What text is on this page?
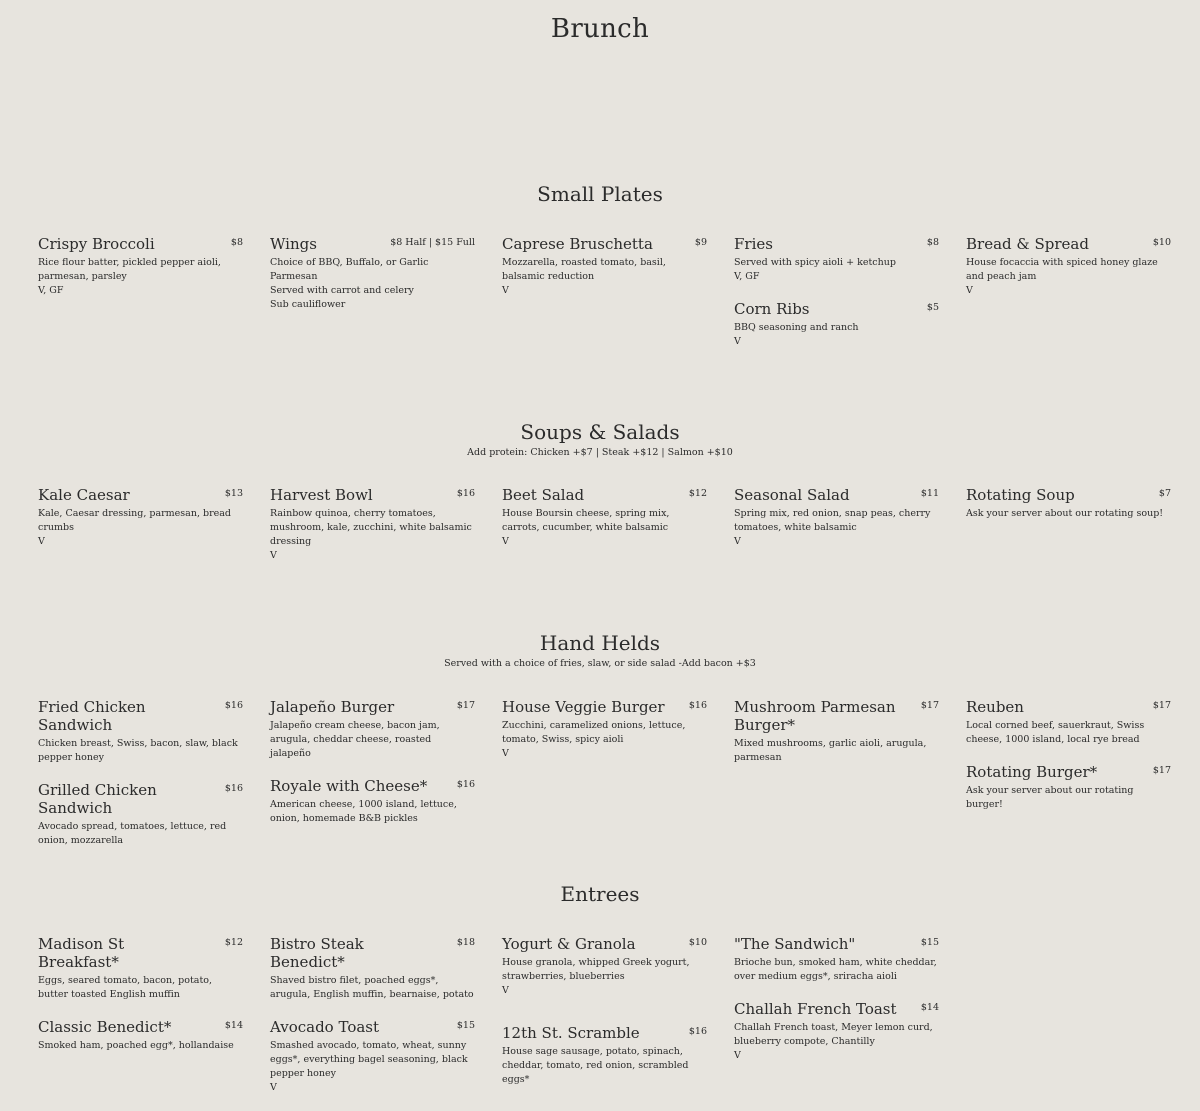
Brunch
Small Plates
Crispy Broccoli	$8
Rice flour batter, pickled pepper aioli, parmesan, parsley
V, GF
Wings	$8 Half | $15 Full
Choice of BBQ, Buffalo, or Garlic Parmesan
Served with carrot and celery
Sub cauliflower
Caprese Bruschetta	$9
Mozzarella, roasted tomato, basil, balsamic reduction
V
Fries	$8
Served with spicy aioli + ketchup
V, GF
Corn Ribs	$5
BBQ seasoning and ranch
V
Bread & Spread	$10
House focaccia with spiced honey glaze and peach jam
V
Soups & Salads
Add protein: Chicken +$7 | Steak +$12 | Salmon +$10
Kale Caesar	$13
Kale, Caesar dressing, parmesan, bread crumbs
V
Harvest Bowl	$16
Rainbow quinoa, cherry tomatoes, mushroom, kale, zucchini, white balsamic dressing
V
Beet Salad	$12
House Boursin cheese, spring mix, carrots, cucumber, white balsamic
V
Seasonal Salad	$11
Spring mix, red onion, snap peas, cherry tomatoes, white balsamic
V
Rotating Soup	$7
Ask your server about our rotating soup!
Hand Helds
Served with a choice of fries, slaw, or side salad -Add bacon +$3
Fried Chicken Sandwich
$16
Chicken breast, Swiss, bacon, slaw, black pepper honey
Grilled Chicken Sandwich
$16
Avocado spread, tomatoes, lettuce, red onion, mozzarella
Jalapeño Burger	$17
Jalapeño cream cheese, bacon jam, arugula, cheddar cheese, roasted jalapeño
Royale with Cheese*	$16
American cheese, 1000 island, lettuce, onion, homemade B&B pickles
House Veggie Burger	$16
Zucchini, caramelized onions, lettuce, tomato, Swiss, spicy aioli
V
Mushroom Parmesan Burger*
$17
Mixed mushrooms, garlic aioli, arugula, parmesan
Reuben	$17
Local corned beef, sauerkraut, Swiss cheese, 1000 island, local rye bread
Rotating Burger*	$17
Ask your server about our rotating burger!
Entrees
Madison St Breakfast*
$12
Eggs, seared tomato, bacon, potato, butter toasted English muffin
Classic Benedict*	$14
Smoked ham, poached egg*, hollandaise
Bistro Steak Benedict*
$18
Shaved bistro filet, poached eggs*, arugula, English muffin, bearnaise, potato
Avocado Toast	$15
Smashed avocado, tomato, wheat, sunny eggs*, everything bagel seasoning, black pepper honey
V
Yogurt & Granola	$10
House granola, whipped Greek yogurt, strawberries, blueberries
V
12th St. Scramble	$16
House sage sausage, potato, spinach, cheddar, tomato, red onion, scrambled eggs*
"The Sandwich"	$15
Brioche bun, smoked ham, white cheddar, over medium eggs*, sriracha aioli
Challah French Toast	$14
Challah French toast, Meyer lemon curd, blueberry compote, Chantilly
V
